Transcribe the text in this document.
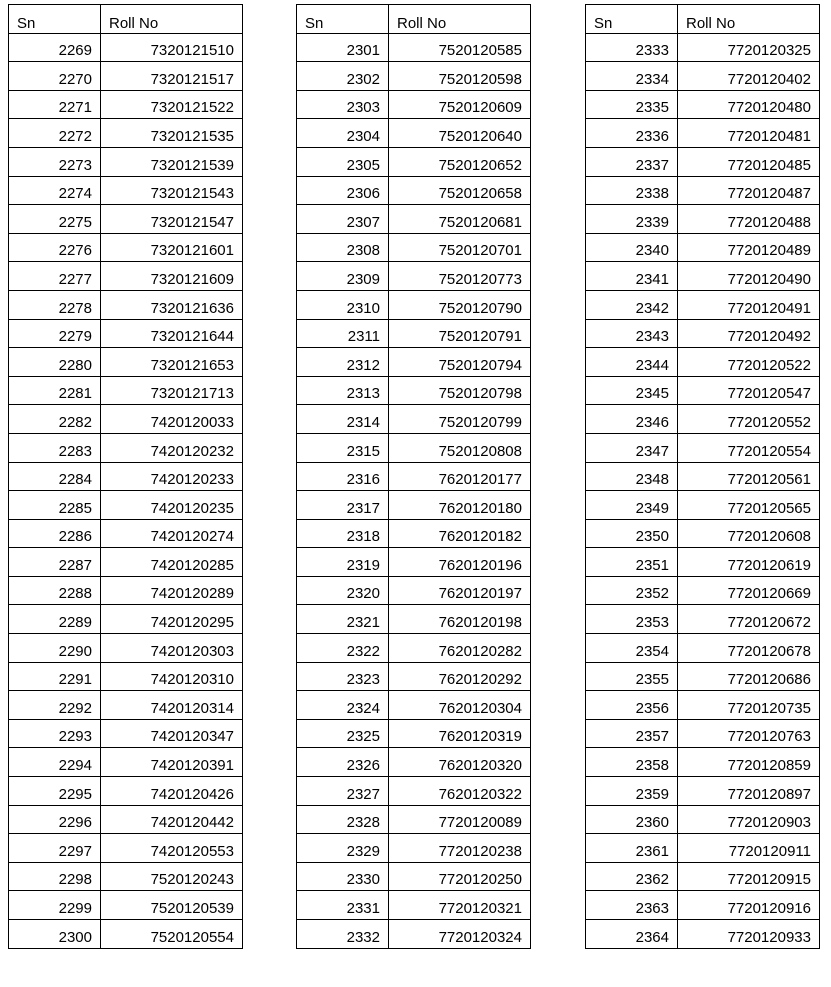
Sn	Roll No
2269	7320121510
2270	7320121517
2271	7320121522
2272	7320121535
2273	7320121539
2274	7320121543
2275	7320121547
2276	7320121601
2277	7320121609
2278	7320121636
2279	7320121644
2280	7320121653
2281	7320121713
2282	7420120033
2283	7420120232
2284	7420120233
2285	7420120235
2286	7420120274
2287	7420120285
2288	7420120289
2289	7420120295
2290	7420120303
2291	7420120310
2292	7420120314
2293	7420120347
2294	7420120391
2295	7420120426
2296	7420120442
2297	7420120553
2298	7520120243
2299	7520120539
2300	7520120554
Sn	Roll No
2301	7520120585
2302	7520120598
2303	7520120609
2304	7520120640
2305	7520120652
2306	7520120658
2307	7520120681
2308	7520120701
2309	7520120773
2310	7520120790
2311	7520120791
2312	7520120794
2313	7520120798
2314	7520120799
2315	7520120808
2316	7620120177
2317	7620120180
2318	7620120182
2319	7620120196
2320	7620120197
2321	7620120198
2322	7620120282
2323	7620120292
2324	7620120304
2325	7620120319
2326	7620120320
2327	7620120322
2328	7720120089
2329	7720120238
2330	7720120250
2331	7720120321
2332	7720120324
Sn	Roll No
2333	7720120325
2334	7720120402
2335	7720120480
2336	7720120481
2337	7720120485
2338	7720120487
2339	7720120488
2340	7720120489
2341	7720120490
2342	7720120491
2343	7720120492
2344	7720120522
2345	7720120547
2346	7720120552
2347	7720120554
2348	7720120561
2349	7720120565
2350	7720120608
2351	7720120619
2352	7720120669
2353	7720120672
2354	7720120678
2355	7720120686
2356	7720120735
2357	7720120763
2358	7720120859
2359	7720120897
2360	7720120903
2361	7720120911
2362	7720120915
2363	7720120916
2364	7720120933
